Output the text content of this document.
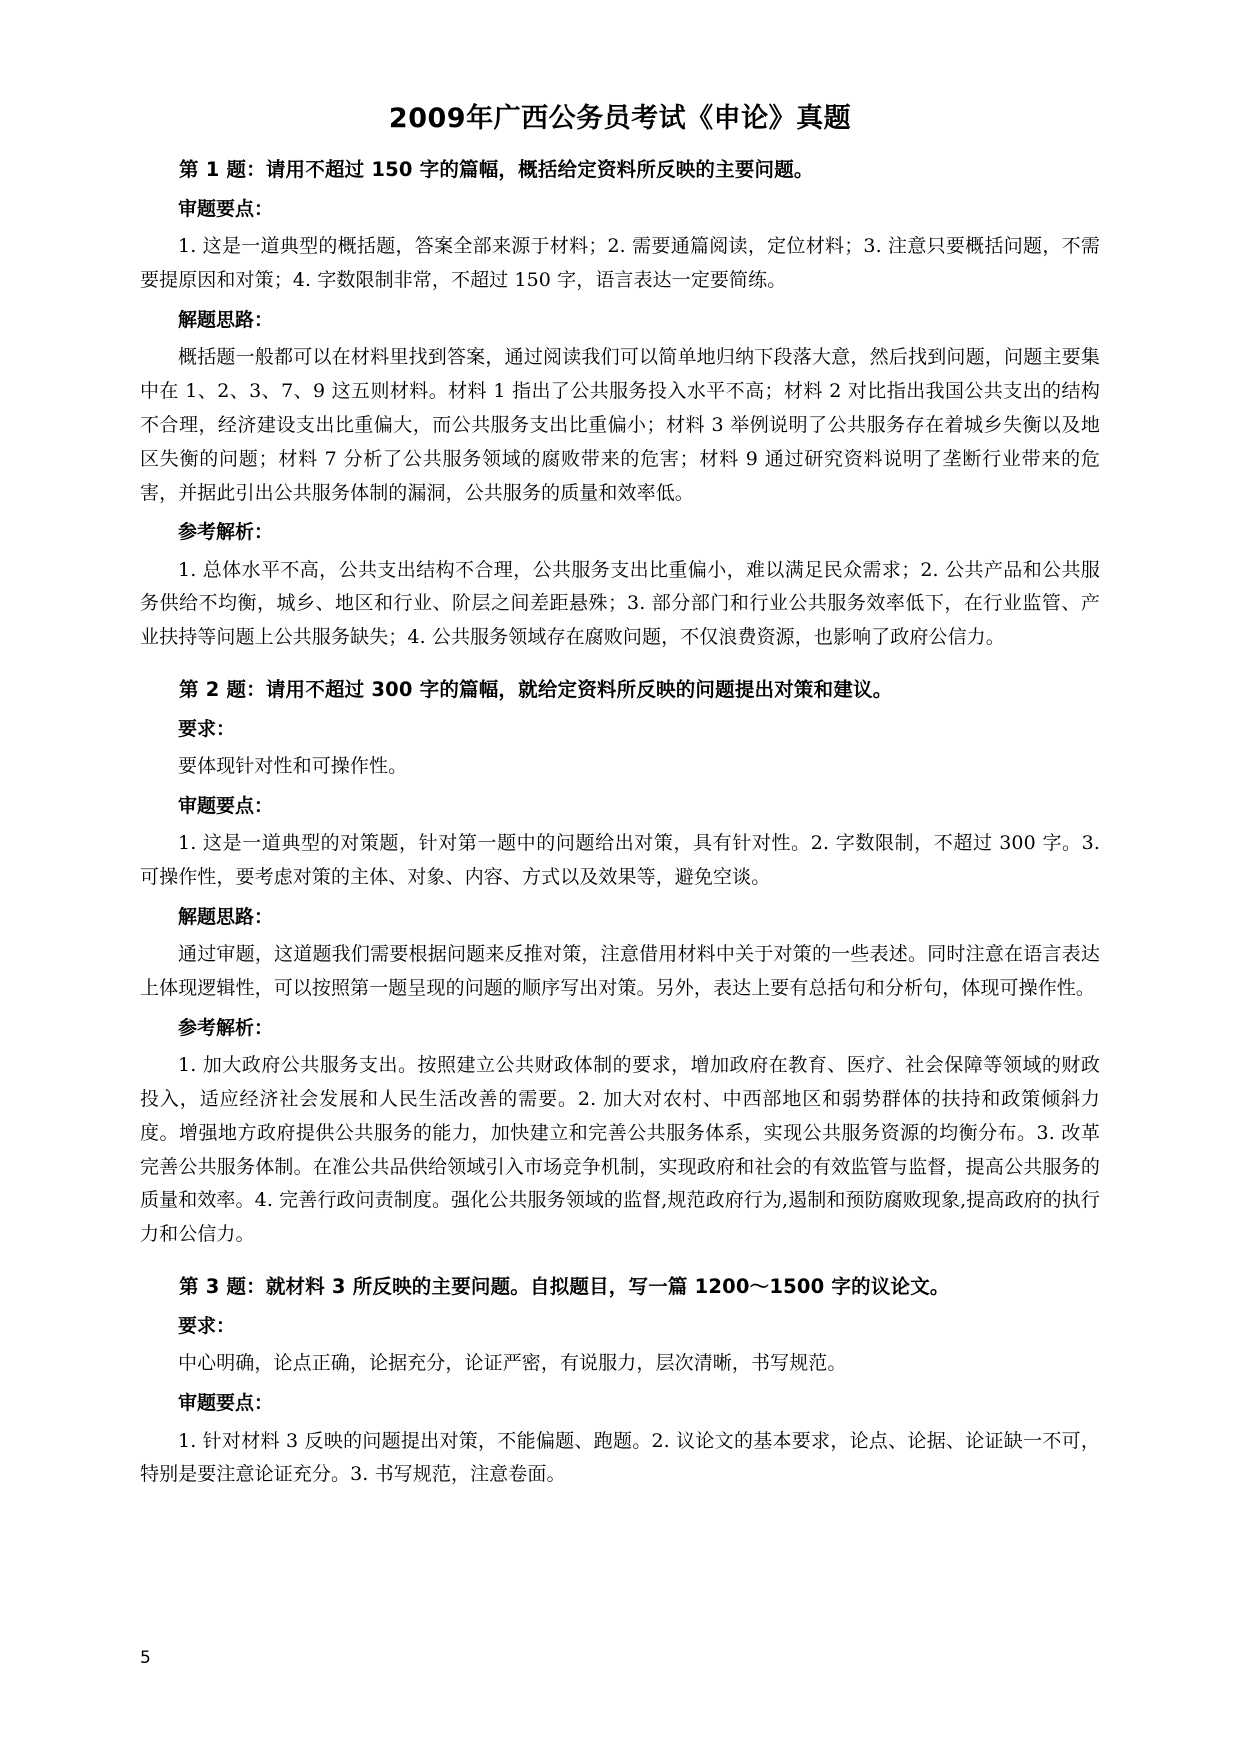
2009年广西公务员考试《申论》真题
第 1 题：请用不超过 150 字的篇幅，概括给定资料所反映的主要问题。
审题要点：
1. 这是一道典型的概括题，答案全部来源于材料；2. 需要通篇阅读，定位材料；3. 注意只要概括问题，不需要提原因和对策；4. 字数限制非常，不超过 150 字，语言表达一定要简练。
解题思路：
概括题一般都可以在材料里找到答案，通过阅读我们可以简单地归纳下段落大意，然后找到问题，问题主要集中在 1、2、3、7、9 这五则材料。材料 1 指出了公共服务投入水平不高；材料 2 对比指出我国公共支出的结构不合理，经济建设支出比重偏大，而公共服务支出比重偏小；材料 3 举例说明了公共服务存在着城乡失衡以及地区失衡的问题；材料 7 分析了公共服务领域的腐败带来的危害；材料 9 通过研究资料说明了垄断行业带来的危害，并据此引出公共服务体制的漏洞，公共服务的质量和效率低。
参考解析：
1. 总体水平不高，公共支出结构不合理，公共服务支出比重偏小，难以满足民众需求；2. 公共产品和公共服务供给不均衡，城乡、地区和行业、阶层之间差距悬殊；3. 部分部门和行业公共服务效率低下，在行业监管、产业扶持等问题上公共服务缺失；4. 公共服务领域存在腐败问题，不仅浪费资源，也影响了政府公信力。
第 2 题：请用不超过 300 字的篇幅，就给定资料所反映的问题提出对策和建议。
要求：
要体现针对性和可操作性。
审题要点：
1. 这是一道典型的对策题，针对第一题中的问题给出对策，具有针对性。2. 字数限制，不超过 300 字。3. 可操作性，要考虑对策的主体、对象、内容、方式以及效果等，避免空谈。
解题思路：
通过审题，这道题我们需要根据问题来反推对策，注意借用材料中关于对策的一些表述。同时注意在语言表达上体现逻辑性，可以按照第一题呈现的问题的顺序写出对策。另外，表达上要有总括句和分析句，体现可操作性。
参考解析：
1. 加大政府公共服务支出。按照建立公共财政体制的要求，增加政府在教育、医疗、社会保障等领域的财政投入，适应经济社会发展和人民生活改善的需要。2. 加大对农村、中西部地区和弱势群体的扶持和政策倾斜力度。增强地方政府提供公共服务的能力，加快建立和完善公共服务体系，实现公共服务资源的均衡分布。3. 改革完善公共服务体制。在准公共品供给领域引入市场竞争机制，实现政府和社会的有效监管与监督，提高公共服务的质量和效率。4. 完善行政问责制度。强化公共服务领域的监督,规范政府行为,遏制和预防腐败现象,提高政府的执行力和公信力。
第 3 题：就材料 3 所反映的主要问题。自拟题目，写一篇 1200～1500 字的议论文。
要求：
中心明确，论点正确，论据充分，论证严密，有说服力，层次清晰，书写规范。
审题要点：
1. 针对材料 3 反映的问题提出对策，不能偏题、跑题。2. 议论文的基本要求，论点、论据、论证缺一不可，特别是要注意论证充分。3. 书写规范，注意卷面。
5
